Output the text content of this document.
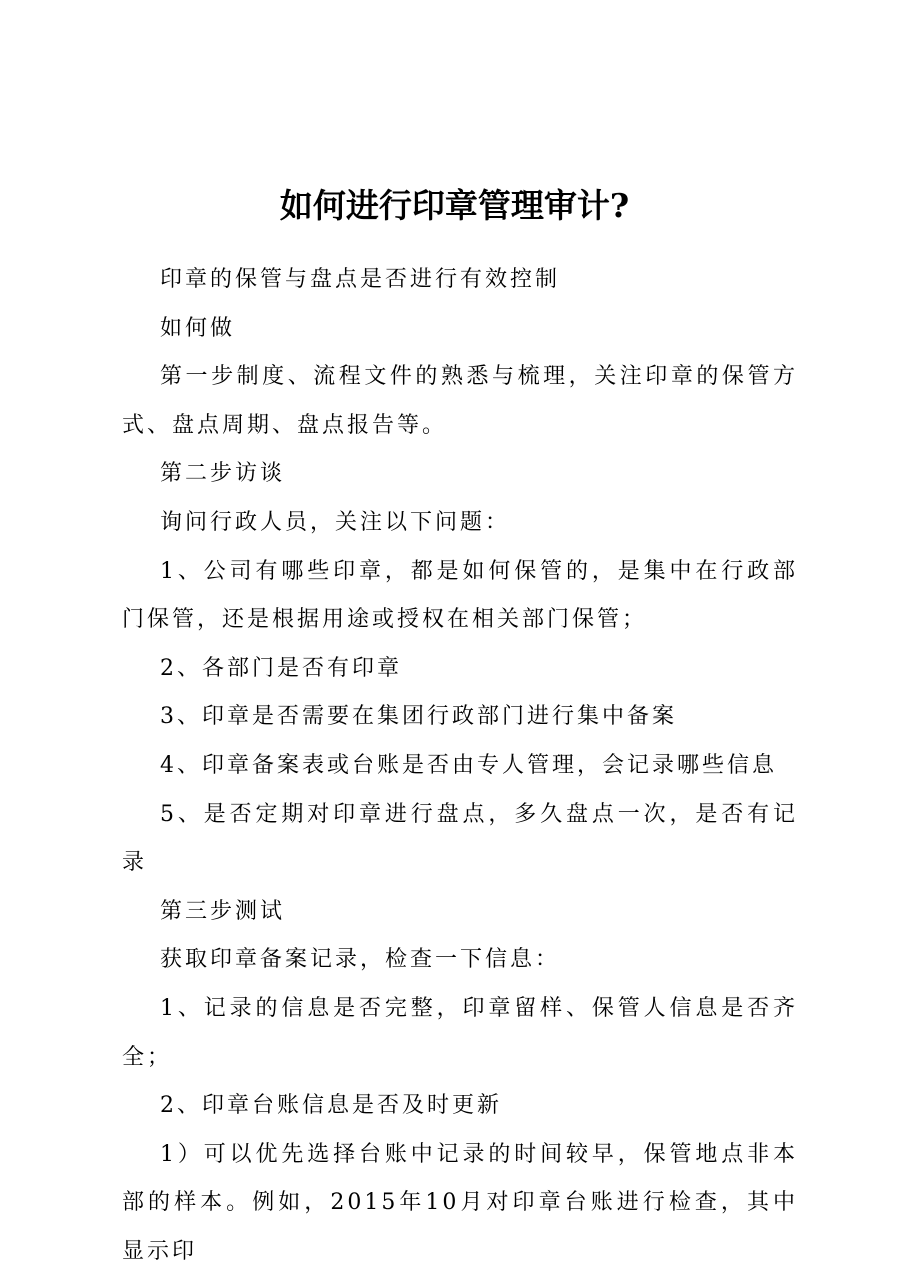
如何进行印章管理审计?

印章的保管与盘点是否进行有效控制

如何做

第一步制度、流程文件的熟悉与梳理，关注印章的保管方式、盘点周期、盘点报告等。

第二步访谈

询问行政人员，关注以下问题：

1、公司有哪些印章，都是如何保管的，是集中在行政部门保管，还是根据用途或授权在相关部门保管；

2、各部门是否有印章

3、印章是否需要在集团行政部门进行集中备案

4、印章备案表或台账是否由专人管理，会记录哪些信息

5、是否定期对印章进行盘点，多久盘点一次，是否有记录

第三步测试

获取印章备案记录，检查一下信息：

1、记录的信息是否完整，印章留样、保管人信息是否齐全；

2、印章台账信息是否及时更新

1）可以优先选择台账中记录的时间较早，保管地点非本部的样本。例如，2015年10月对印章台账进行检查，其中显示印
